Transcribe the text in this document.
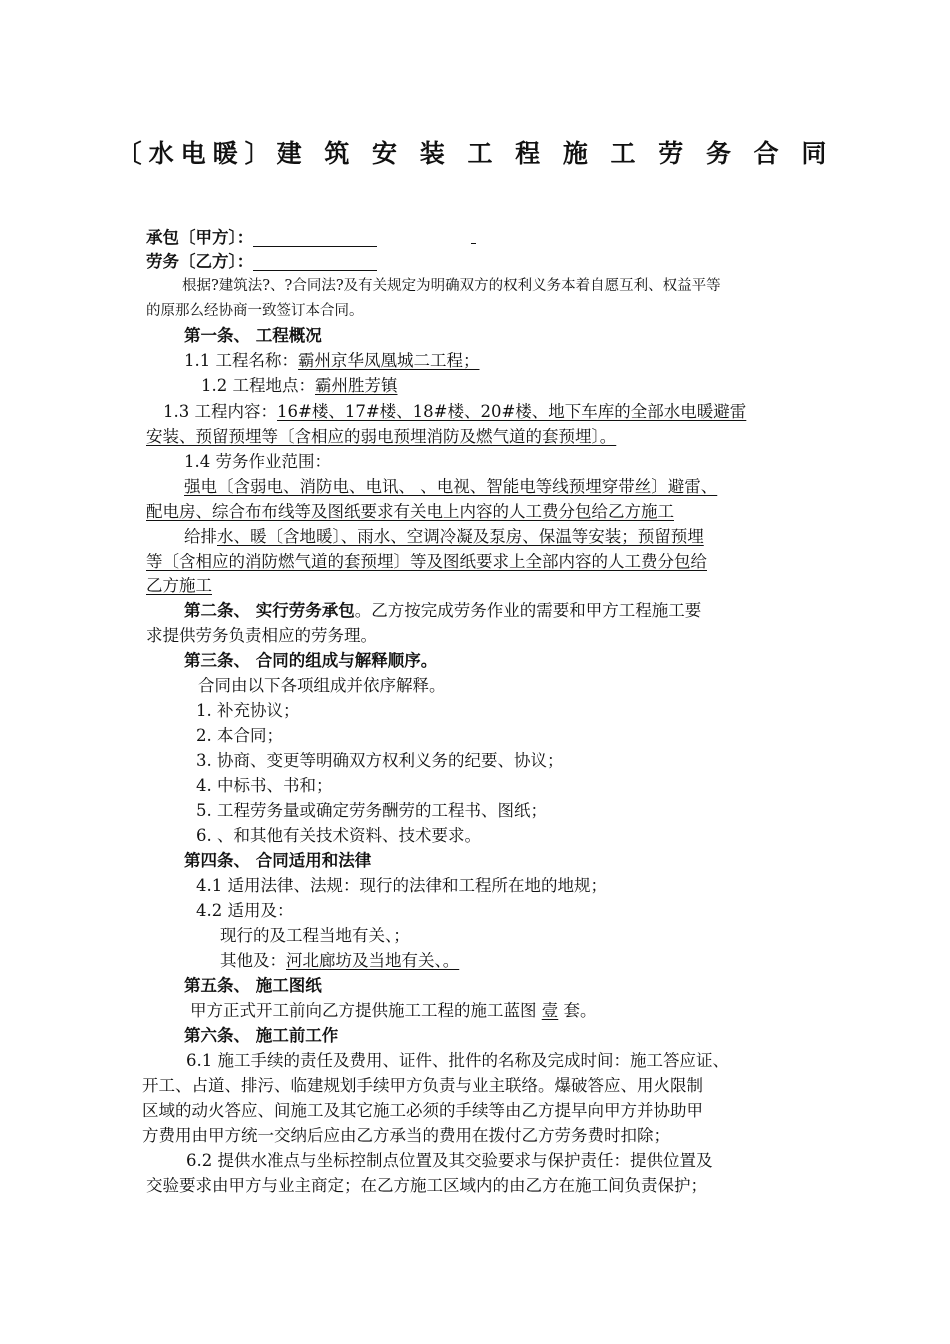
〔水电暖〕建 筑 安 装 工 程 施 工 劳 务 合 同
承包〔甲方〕：
劳务〔乙方〕：
根据?建筑法?、?合同法?及有关规定为明确双方的权利义务本着自愿互利、权益平等
的原那么经协商一致签订本合同。
第一条、 工程概况
1.1 工程名称：霸州京华凤凰城二工程；
1.2 工程地点：霸州胜芳镇
1.3 工程内容：16#楼、17#楼、18#楼、20#楼、地下车库的全部水电暖避雷
安装、预留预埋等〔含相应的弱电预埋消防及燃气道的套预埋〕。
1.4 劳务作业范围：
强电〔含弱电、消防电、电讯、 、电视、智能电等线预埋穿带丝〕避雷、
配电房、综合布布线等及图纸要求有关电上内容的人工费分包给乙方施工
给排水、暖〔含地暖〕、雨水、空调冷凝及泵房、保温等安装；预留预埋
等〔含相应的消防燃气道的套预埋〕等及图纸要求上全部内容的人工费分包给
乙方施工
第二条、 实行劳务承包。乙方按完成劳务作业的需要和甲方工程施工要
求提供劳务负责相应的劳务理。
第三条、 合同的组成与解释顺序。
合同由以下各项组成并依序解释。
1. 补充协议；
2. 本合同；
3. 协商、变更等明确双方权利义务的纪要、协议；
4. 中标书、书和；
5. 工程劳务量或确定劳务酬劳的工程书、图纸；
6. 、和其他有关技术资料、技术要求。
第四条、 合同适用和法律
4.1 适用法律、法规：现行的法律和工程所在地的地规；
4.2 适用及：
现行的及工程当地有关、；
其他及：河北廊坊及当地有关、。
第五条、 施工图纸
甲方正式开工前向乙方提供施工工程的施工蓝图 壹 套。
第六条、 施工前工作
6.1 施工手续的责任及费用、证件、批件的名称及完成时间：施工答应证、
开工、占道、排污、临建规划手续甲方负责与业主联络。爆破答应、用火限制
区域的动火答应、间施工及其它施工必须的手续等由乙方提早向甲方并协助甲
方费用由甲方统一交纳后应由乙方承当的费用在拨付乙方劳务费时扣除；
6.2 提供水准点与坐标控制点位置及其交验要求与保护责任：提供位置及
交验要求由甲方与业主商定；在乙方施工区域内的由乙方在施工间负责保护；
